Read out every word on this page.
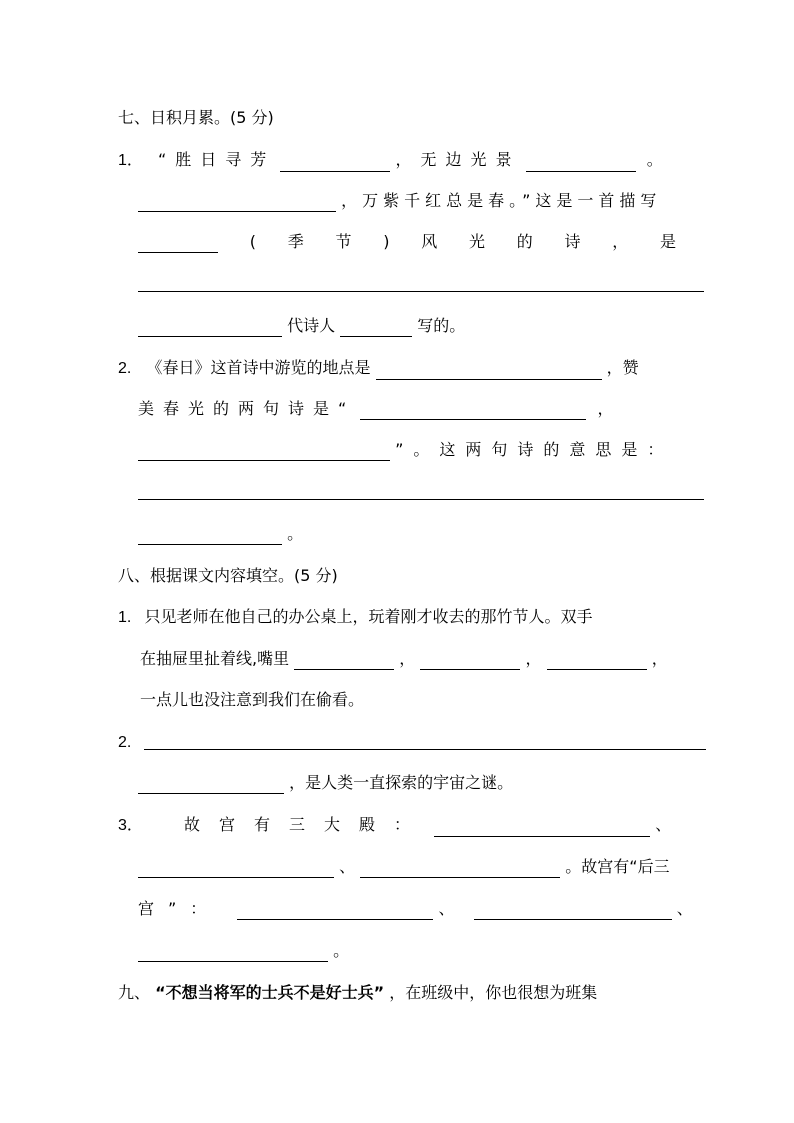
七、日积月累。(5 分)
1． “胜日寻芳	，无边光景	。
，万紫千红总是春。”这是一首描写
( 季 节 ) 风 光 的 诗 ， 是
代诗人	写的。
2. 《春日》这首诗中游览的地点是	，赞
美春光的两句诗是“	，
”。这两句诗的意思是：
。
八、根据课文内容填空。(5 分)
1. 只见老师在他自己的办公桌上，玩着刚才收去的那竹节人。双手
在抽屉里扯着线,嘴里	，	，	，
一点儿也没注意到我们在偷看。
2.
，是人类一直探索的宇宙之谜。
3．	故宫有三大殿：	、
、	。故宫有“后三
宫”：	、	、
。
九、 “不想当将军的士兵不是好士兵” ，在班级中，你也很想为班集
